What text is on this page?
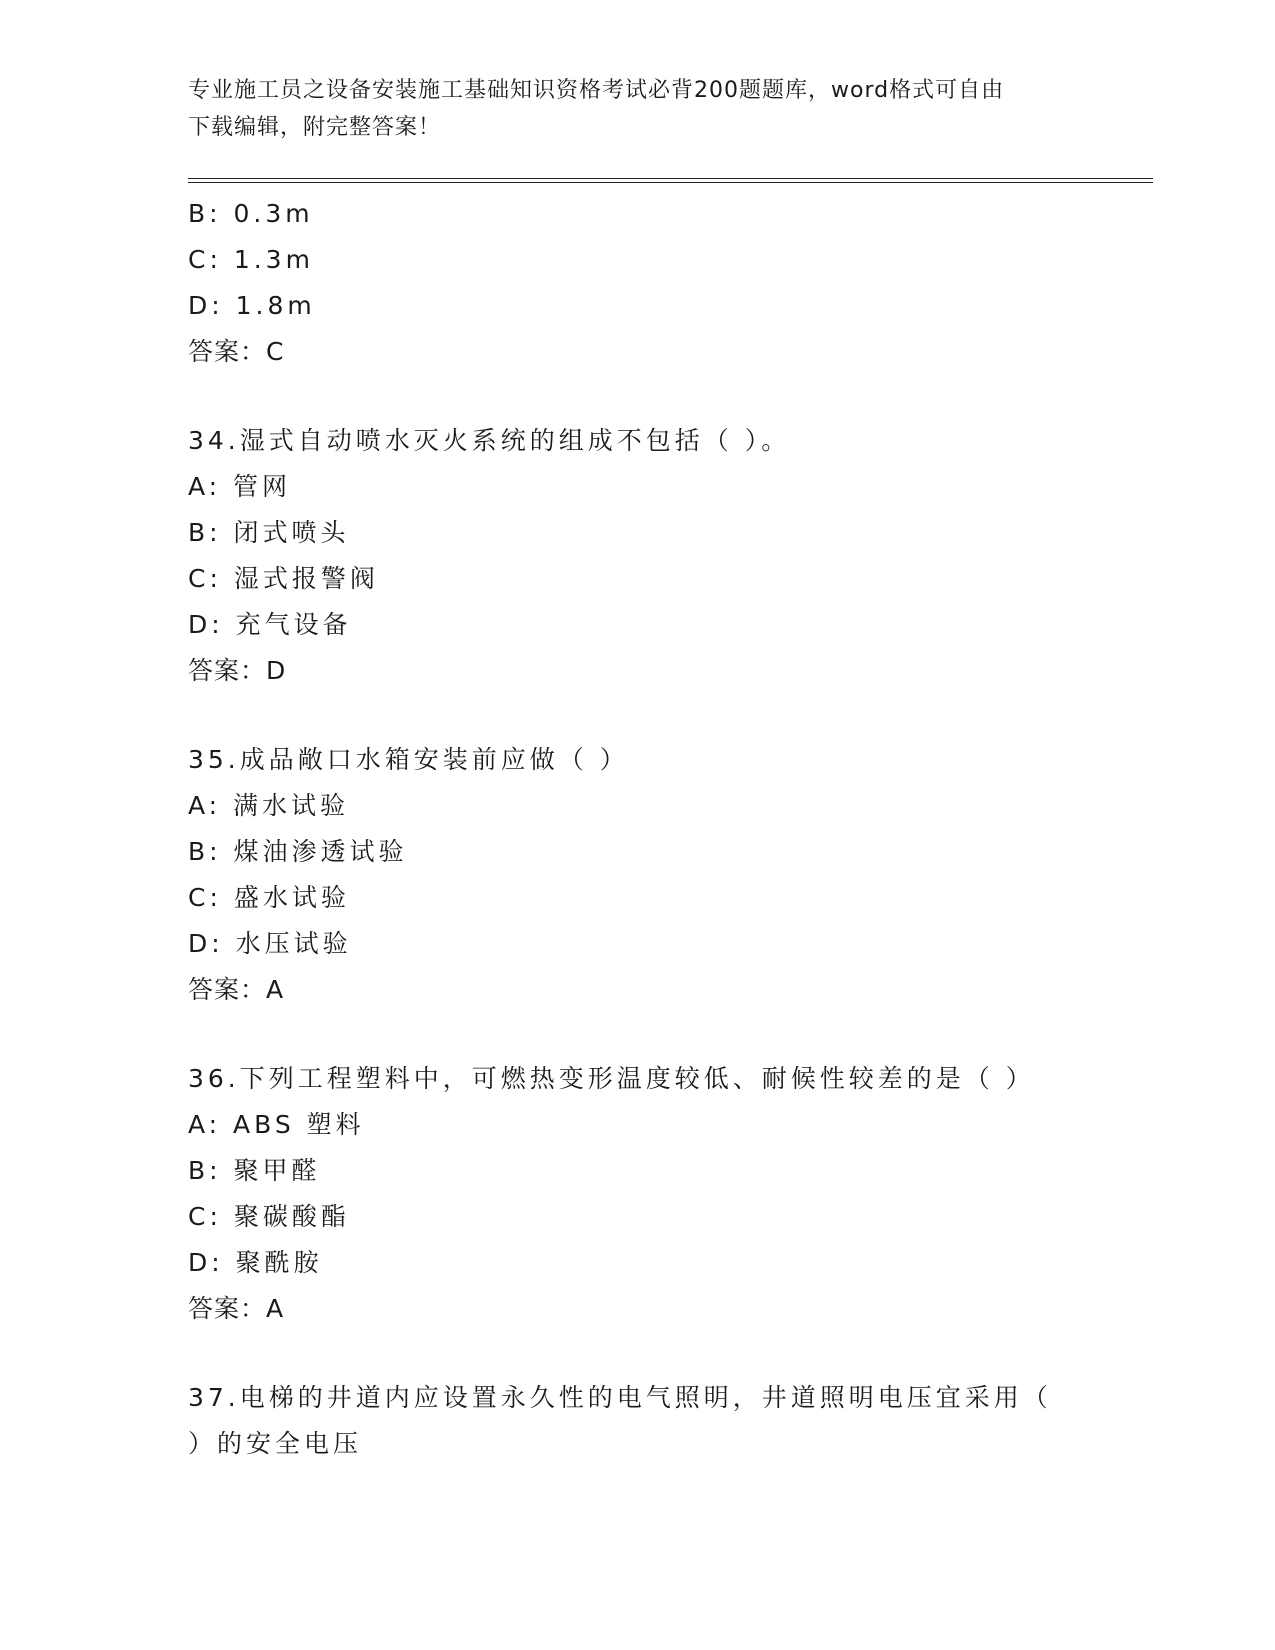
专业施工员之设备安装施工基础知识资格考试必背200题题库，word格式可自由
下载编辑，附完整答案！
B: 0.3m
C: 1.3m
D: 1.8m
答案：C
34.湿式自动喷水灭火系统的组成不包括（ ）。
A: 管网
B: 闭式喷头
C: 湿式报警阀
D: 充气设备
答案：D
35.成品敞口水箱安装前应做（ ）
A: 满水试验
B: 煤油渗透试验
C: 盛水试验
D: 水压试验
答案：A
36.下列工程塑料中，可燃热变形温度较低、耐候性较差的是（ ）
A: ABS 塑料
B: 聚甲醛
C: 聚碳酸酯
D: 聚酰胺
答案：A
37.电梯的井道内应设置永久性的电气照明，井道照明电压宜采用（
）的安全电压
